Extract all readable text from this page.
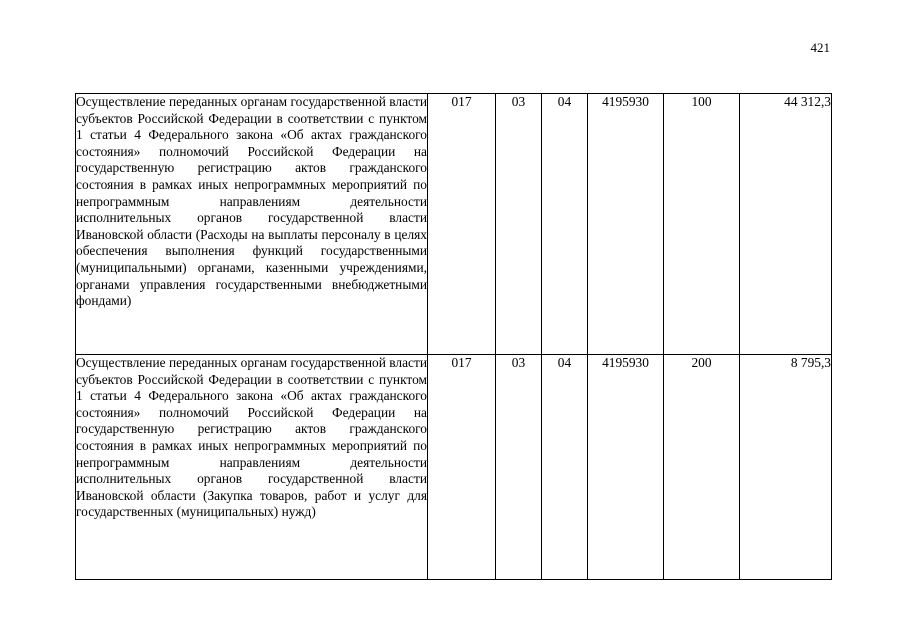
421
Осуществление переданных органам государственной власти субъектов Российской Федерации в соответствии с пунктом 1 статьи 4 Федерального закона «Об актах гражданского состояния» полномочий Российской Федерации на государственную регистрацию актов гражданского состояния в рамках иных непрограммных мероприятий по непрограммным направлениям деятельности исполнительных органов государственной власти Ивановской области (Расходы на выплаты персоналу в целях обеспечения выполнения функций государственными (муниципальными) органами, казенными учреждениями, органами управления государственными внебюджетными фондами)	017	03	04	4195930	100	44 312,3
Осуществление переданных органам государственной власти субъектов Российской Федерации в соответствии с пунктом 1 статьи 4 Федерального закона «Об актах гражданского состояния» полномочий Российской Федерации на государственную регистрацию актов гражданского состояния в рамках иных непрограммных мероприятий по непрограммным направлениям деятельности исполнительных органов государственной власти Ивановской области (Закупка товаров, работ и услуг для государственных (муниципальных) нужд)	017	03	04	4195930	200	8 795,3
